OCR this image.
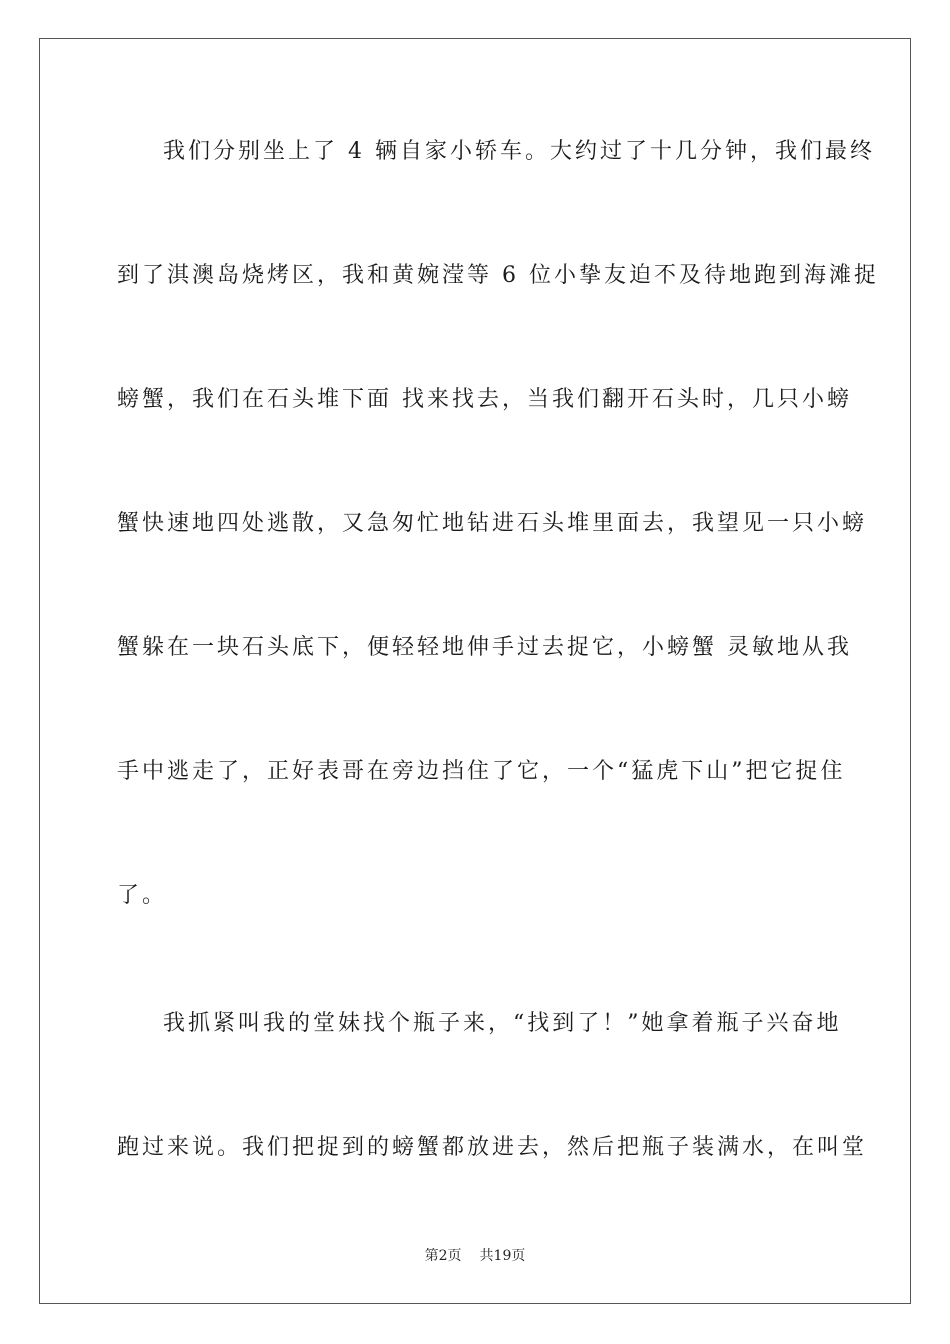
我们分别坐上了 4 辆自家小轿车。大约过了十几分钟，我们最终
到了淇澳岛烧烤区，我和黄婉滢等 6 位小挚友迫不及待地跑到海滩捉
螃蟹，我们在石头堆下面 找来找去，当我们翻开石头时，几只小螃
蟹快速地四处逃散，又急匆忙地钻进石头堆里面去，我望见一只小螃
蟹躲在一块石头底下，便轻轻地伸手过去捉它，小螃蟹 灵敏地从我
手中逃走了，正好表哥在旁边挡住了它，一个“猛虎下山”把它捉住
了。
我抓紧叫我的堂妹找个瓶子来，“找到了！”她拿着瓶子兴奋地
跑过来说。我们把捉到的螃蟹都放进去，然后把瓶子装满水，在叫堂
第2页 共19页
